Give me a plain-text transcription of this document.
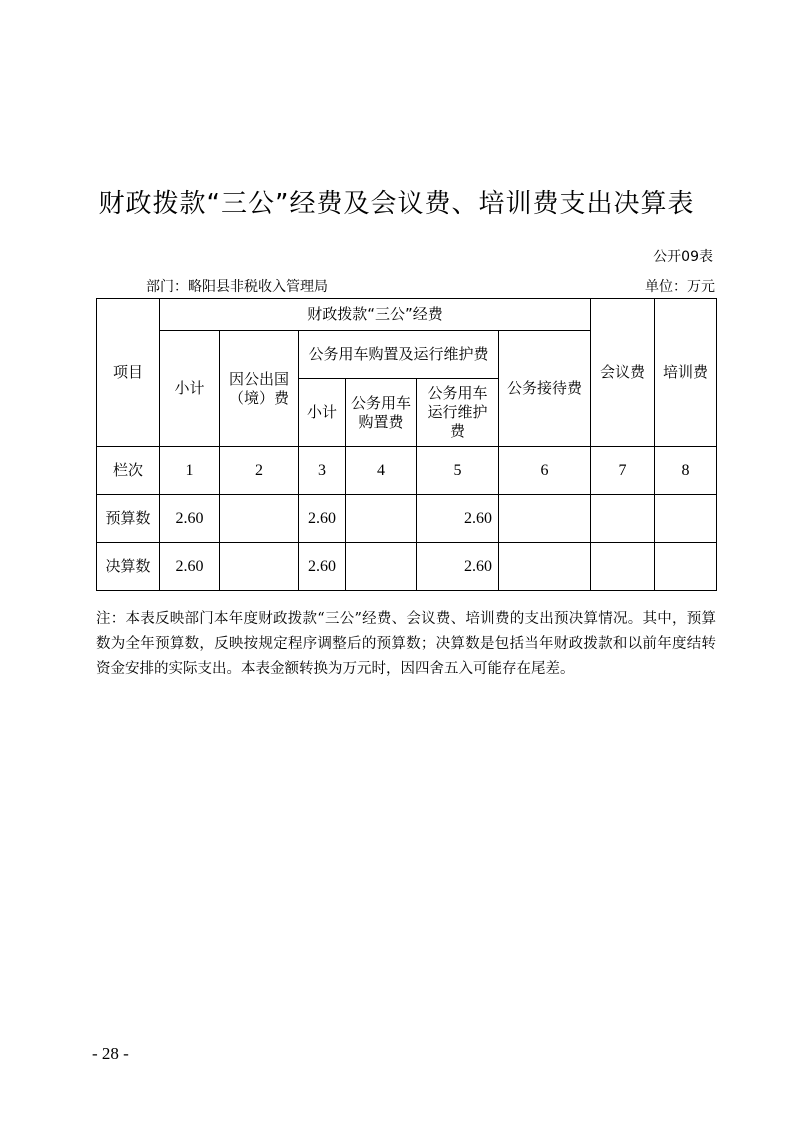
财政拨款“三公”经费及会议费、培训费支出决算表
公开09表
部门：略阳县非税收入管理局	单位：万元
项目	财政拨款“三公”经费						会议费	培训费
	小计	因公出国（境）费	公务用车购置及运行维护费			公务接待费		
			小计	公务用车购置费	公务用车运行维护费			
栏次	1	2	3	4	5	6	7	8
预算数	2.60		2.60		2.60			
决算数	2.60		2.60		2.60			
注：本表反映部门本年度财政拨款“三公”经费、会议费、培训费的支出预决算情况。其中，预算数为全年预算数，反映按规定程序调整后的预算数；决算数是包括当年财政拨款和以前年度结转资金安排的实际支出。本表金额转换为万元时，因四舍五入可能存在尾差。
- 28 -
